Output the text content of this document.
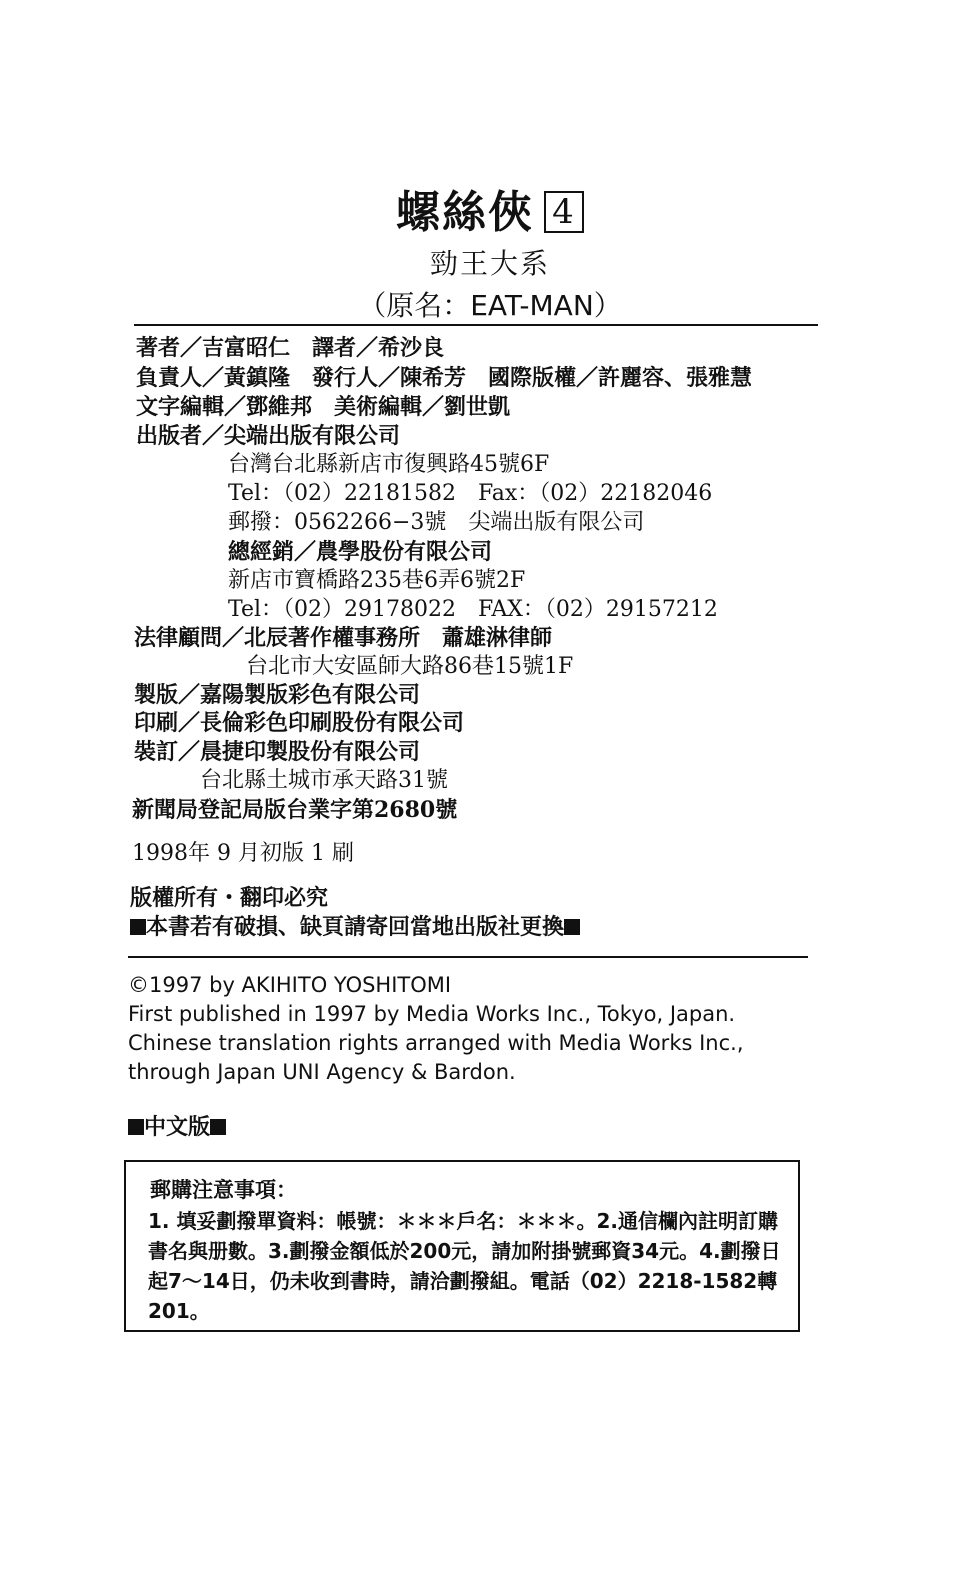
螺絲俠 4
勁王大系
（原名：EAT-MAN）
著者／吉富昭仁　譯者／希沙良
負責人／黃鎮隆　發行人／陳希芳　國際版權／許麗容、張雅慧
文字編輯／鄧維邦　美術編輯／劉世凱
出版者／尖端出版有限公司
台灣台北縣新店市復興路45號6F
Tel：（02）22181582　Fax：（02）22182046
郵撥：0562266−3號　尖端出版有限公司
總經銷／農學股份有限公司
新店市寶橋路235巷6弄6號2F
Tel：（02）29178022　FAX：（02）29157212
法律顧問／北辰著作權事務所　蕭雄淋律師
台北市大安區師大路86巷15號1F
製版／嘉陽製版彩色有限公司
印刷／長倫彩色印刷股份有限公司
裝訂／晨捷印製股份有限公司
台北縣土城市承天路31號
新聞局登記局版台業字第2680號
1998年 9 月初版 1 刷
版權所有・翻印必究
本書若有破損、缺頁請寄回當地出版社更換
©1997 by AKIHITO YOSHITOMI
First published in 1997 by Media Works Inc., Tokyo, Japan.
Chinese translation rights arranged with Media Works Inc.,
through Japan UNI Agency & Bardon.
中文版
郵購注意事項：
1. 填妥劃撥單資料：帳號：＊＊＊戶名：＊＊＊。2.通信欄內註明訂購書名與册數。3.劃撥金額低於200元，請加附掛號郵資34元。4.劃撥日起7～14日，仍未收到書時，請洽劃撥組。電話（02）2218-1582轉201。
